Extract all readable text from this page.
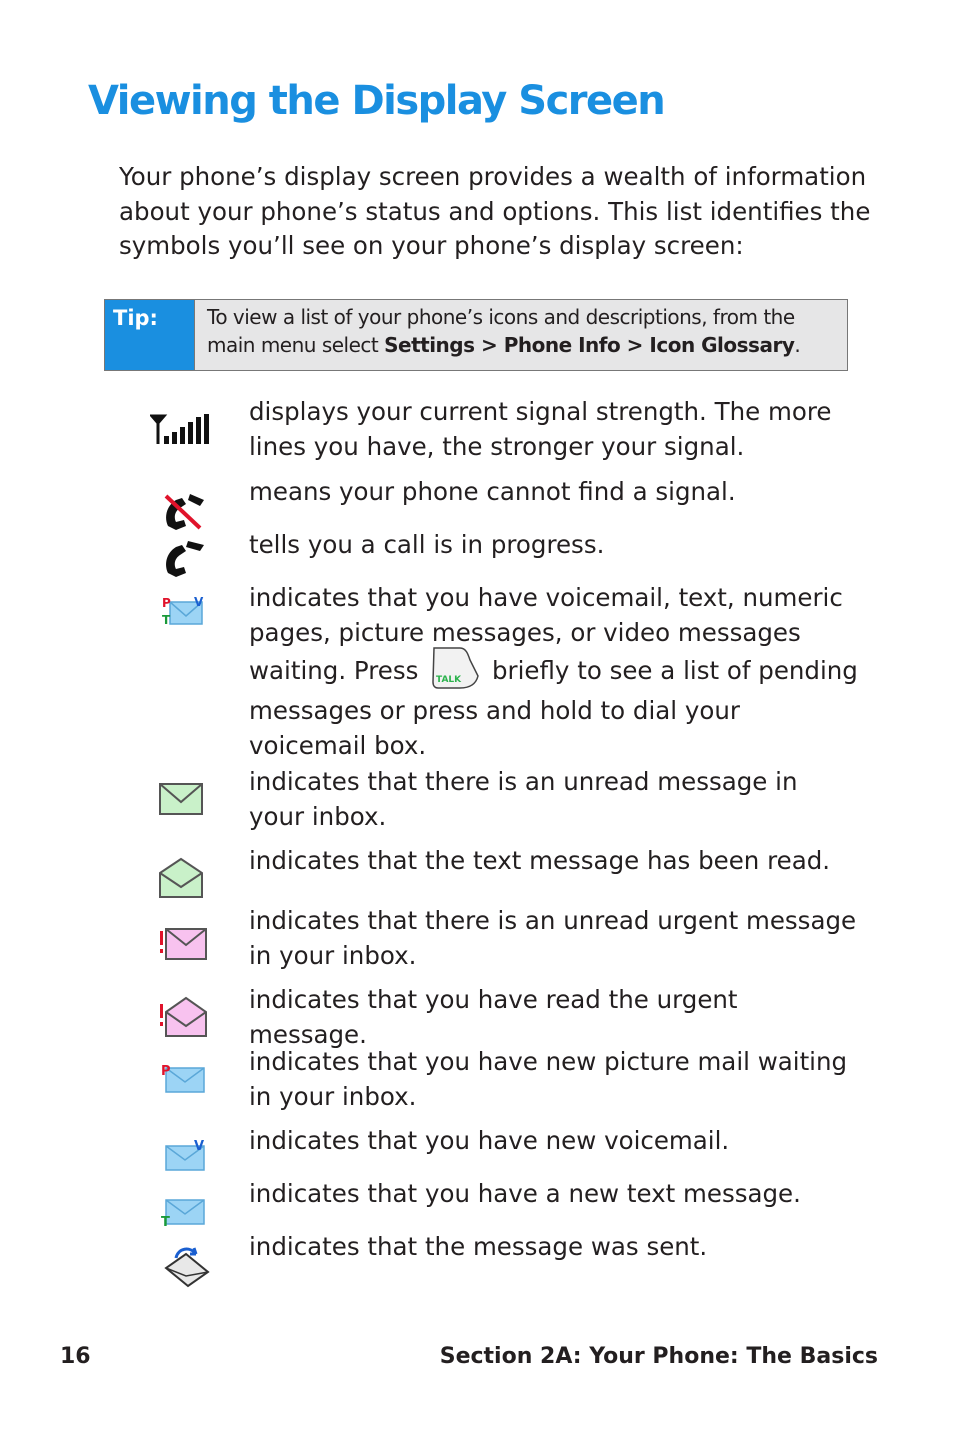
Viewing the Display Screen

Your phone’s display screen provides a wealth of information about your phone’s status and options. This list identifies the symbols you’ll see on your phone’s display screen:

Tip:	To view a list of your phone’s icons and descriptions, from the main menu select Settings > Phone Info > Icon Glossary.

displays your current signal strength. The more lines you have, the stronger your signal.

means your phone cannot find a signal.

tells you a call is in progress.

P
T
V indicates that you have voicemail, text, numeric pages, picture messages, or video messages waiting. Press TALK briefly to see a list of pending messages or press and hold to dial your voicemail box.

indicates that there is an unread message in your inbox.

indicates that the text message has been read.

indicates that there is an unread urgent message in your inbox.

indicates that you have read the urgent message.

P	indicates that you have new picture mail waiting in your inbox.

V indicates that you have new voicemail.

T

indicates that you have a new text message.

indicates that the message was sent.

16	Section 2A: Your Phone: The Basics
